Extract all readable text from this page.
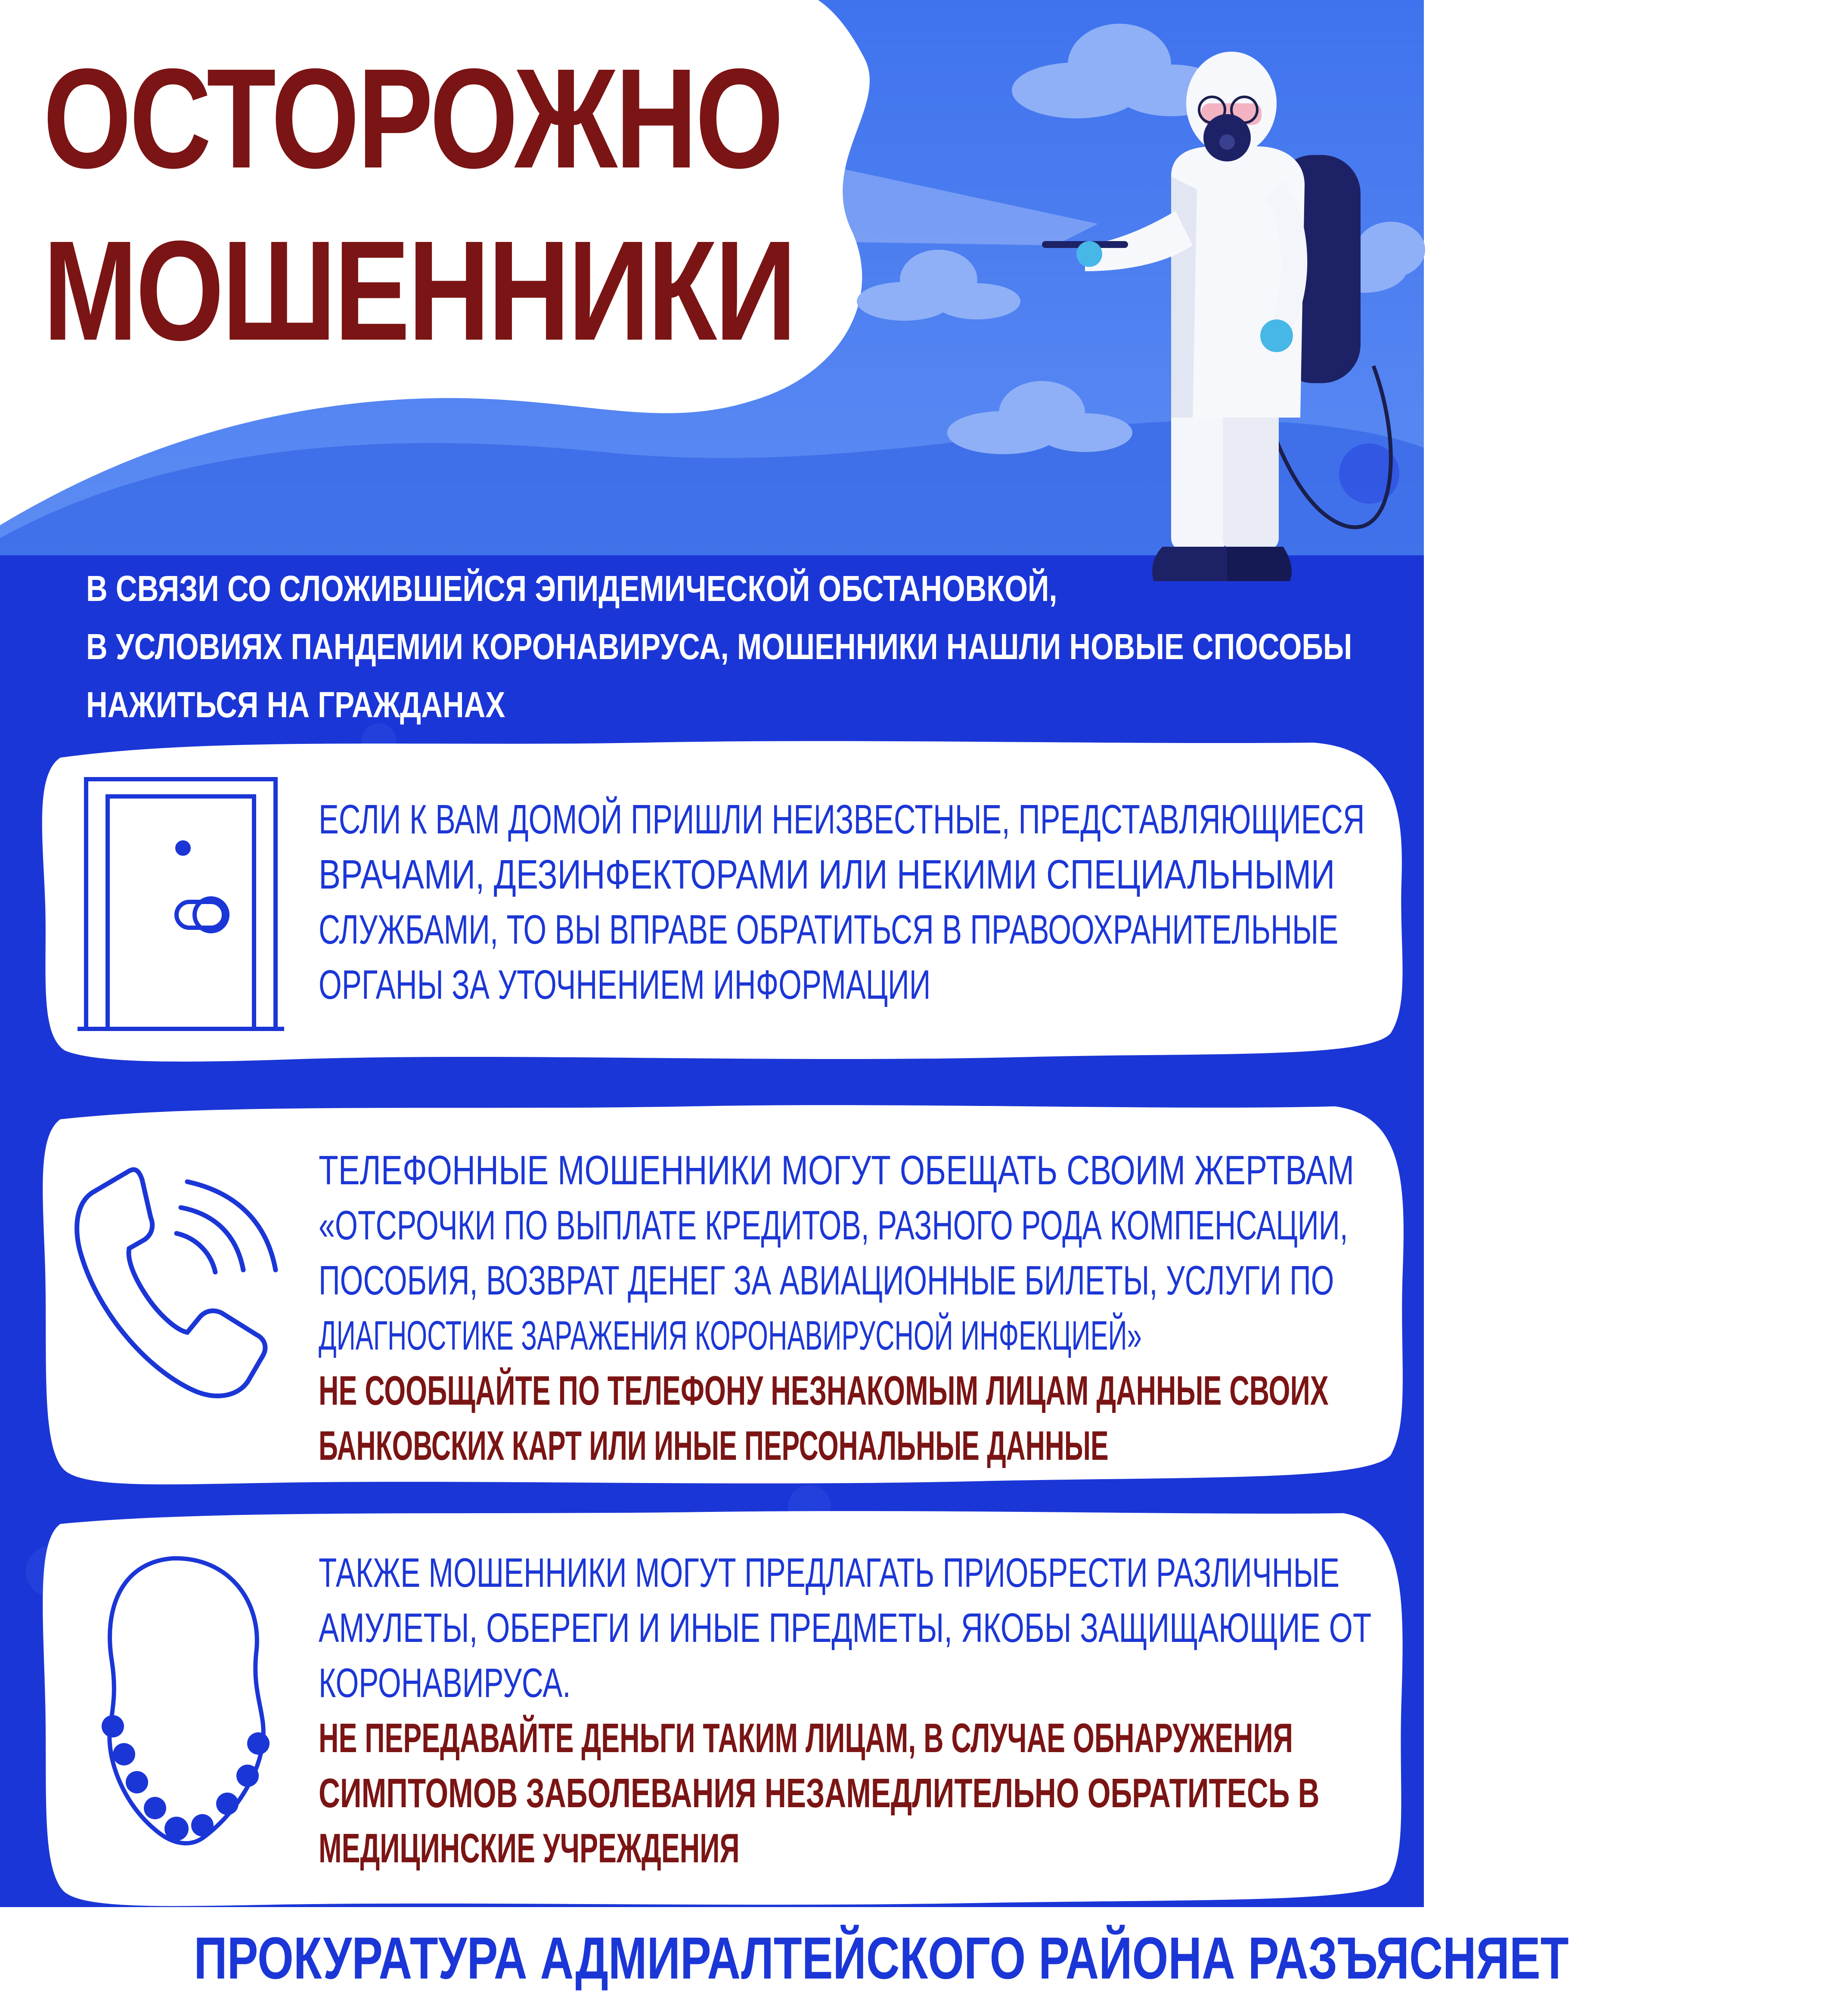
ОСТОРОЖНО
МОШЕННИКИ
В СВЯЗИ СО СЛОЖИВШЕЙСЯ ЭПИДЕМИЧЕСКОЙ ОБСТАНОВКОЙ,
В УСЛОВИЯХ ПАНДЕМИИ КОРОНАВИРУСА, МОШЕННИКИ НАШЛИ НОВЫЕ СПОСОБЫ
НАЖИТЬСЯ НА ГРАЖДАНАХ
ЕСЛИ К ВАМ ДОМОЙ ПРИШЛИ НЕИЗВЕСТНЫЕ, ПРЕДСТАВЛЯЮЩИЕСЯ
ВРАЧАМИ, ДЕЗИНФЕКТОРАМИ ИЛИ НЕКИМИ СПЕЦИАЛЬНЫМИ
СЛУЖБАМИ, ТО ВЫ ВПРАВЕ ОБРАТИТЬСЯ В ПРАВООХРАНИТЕЛЬНЫЕ
ОРГАНЫ ЗА УТОЧНЕНИЕМ ИНФОРМАЦИИ
ТЕЛЕФОННЫЕ МОШЕННИКИ МОГУТ ОБЕЩАТЬ СВОИМ ЖЕРТВАМ
«ОТСРОЧКИ ПО ВЫПЛАТЕ КРЕДИТОВ, РАЗНОГО РОДА КОМПЕНСАЦИИ,
ПОСОБИЯ, ВОЗВРАТ ДЕНЕГ ЗА АВИАЦИОННЫЕ БИЛЕТЫ, УСЛУГИ ПО
ДИАГНОСТИКЕ ЗАРАЖЕНИЯ КОРОНАВИРУСНОЙ ИНФЕКЦИЕЙ»
НЕ СООБЩАЙТЕ ПО ТЕЛЕФОНУ НЕЗНАКОМЫМ ЛИЦАМ ДАННЫЕ СВОИХ
БАНКОВСКИХ КАРТ ИЛИ ИНЫЕ ПЕРСОНАЛЬНЫЕ ДАННЫЕ
ТАКЖЕ МОШЕННИКИ МОГУТ ПРЕДЛАГАТЬ ПРИОБРЕСТИ РАЗЛИЧНЫЕ
АМУЛЕТЫ, ОБЕРЕГИ И ИНЫЕ ПРЕДМЕТЫ, ЯКОБЫ ЗАЩИЩАЮЩИЕ ОТ
КОРОНАВИРУСА.
НЕ ПЕРЕДАВАЙТЕ ДЕНЬГИ ТАКИМ ЛИЦАМ, В СЛУЧАЕ ОБНАРУЖЕНИЯ
СИМПТОМОВ ЗАБОЛЕВАНИЯ НЕЗАМЕДЛИТЕЛЬНО ОБРАТИТЕСЬ В
МЕДИЦИНСКИЕ УЧРЕЖДЕНИЯ
ПРОКУРАТУРА АДМИРАЛТЕЙСКОГО РАЙОНА РАЗЪЯСНЯЕТ
